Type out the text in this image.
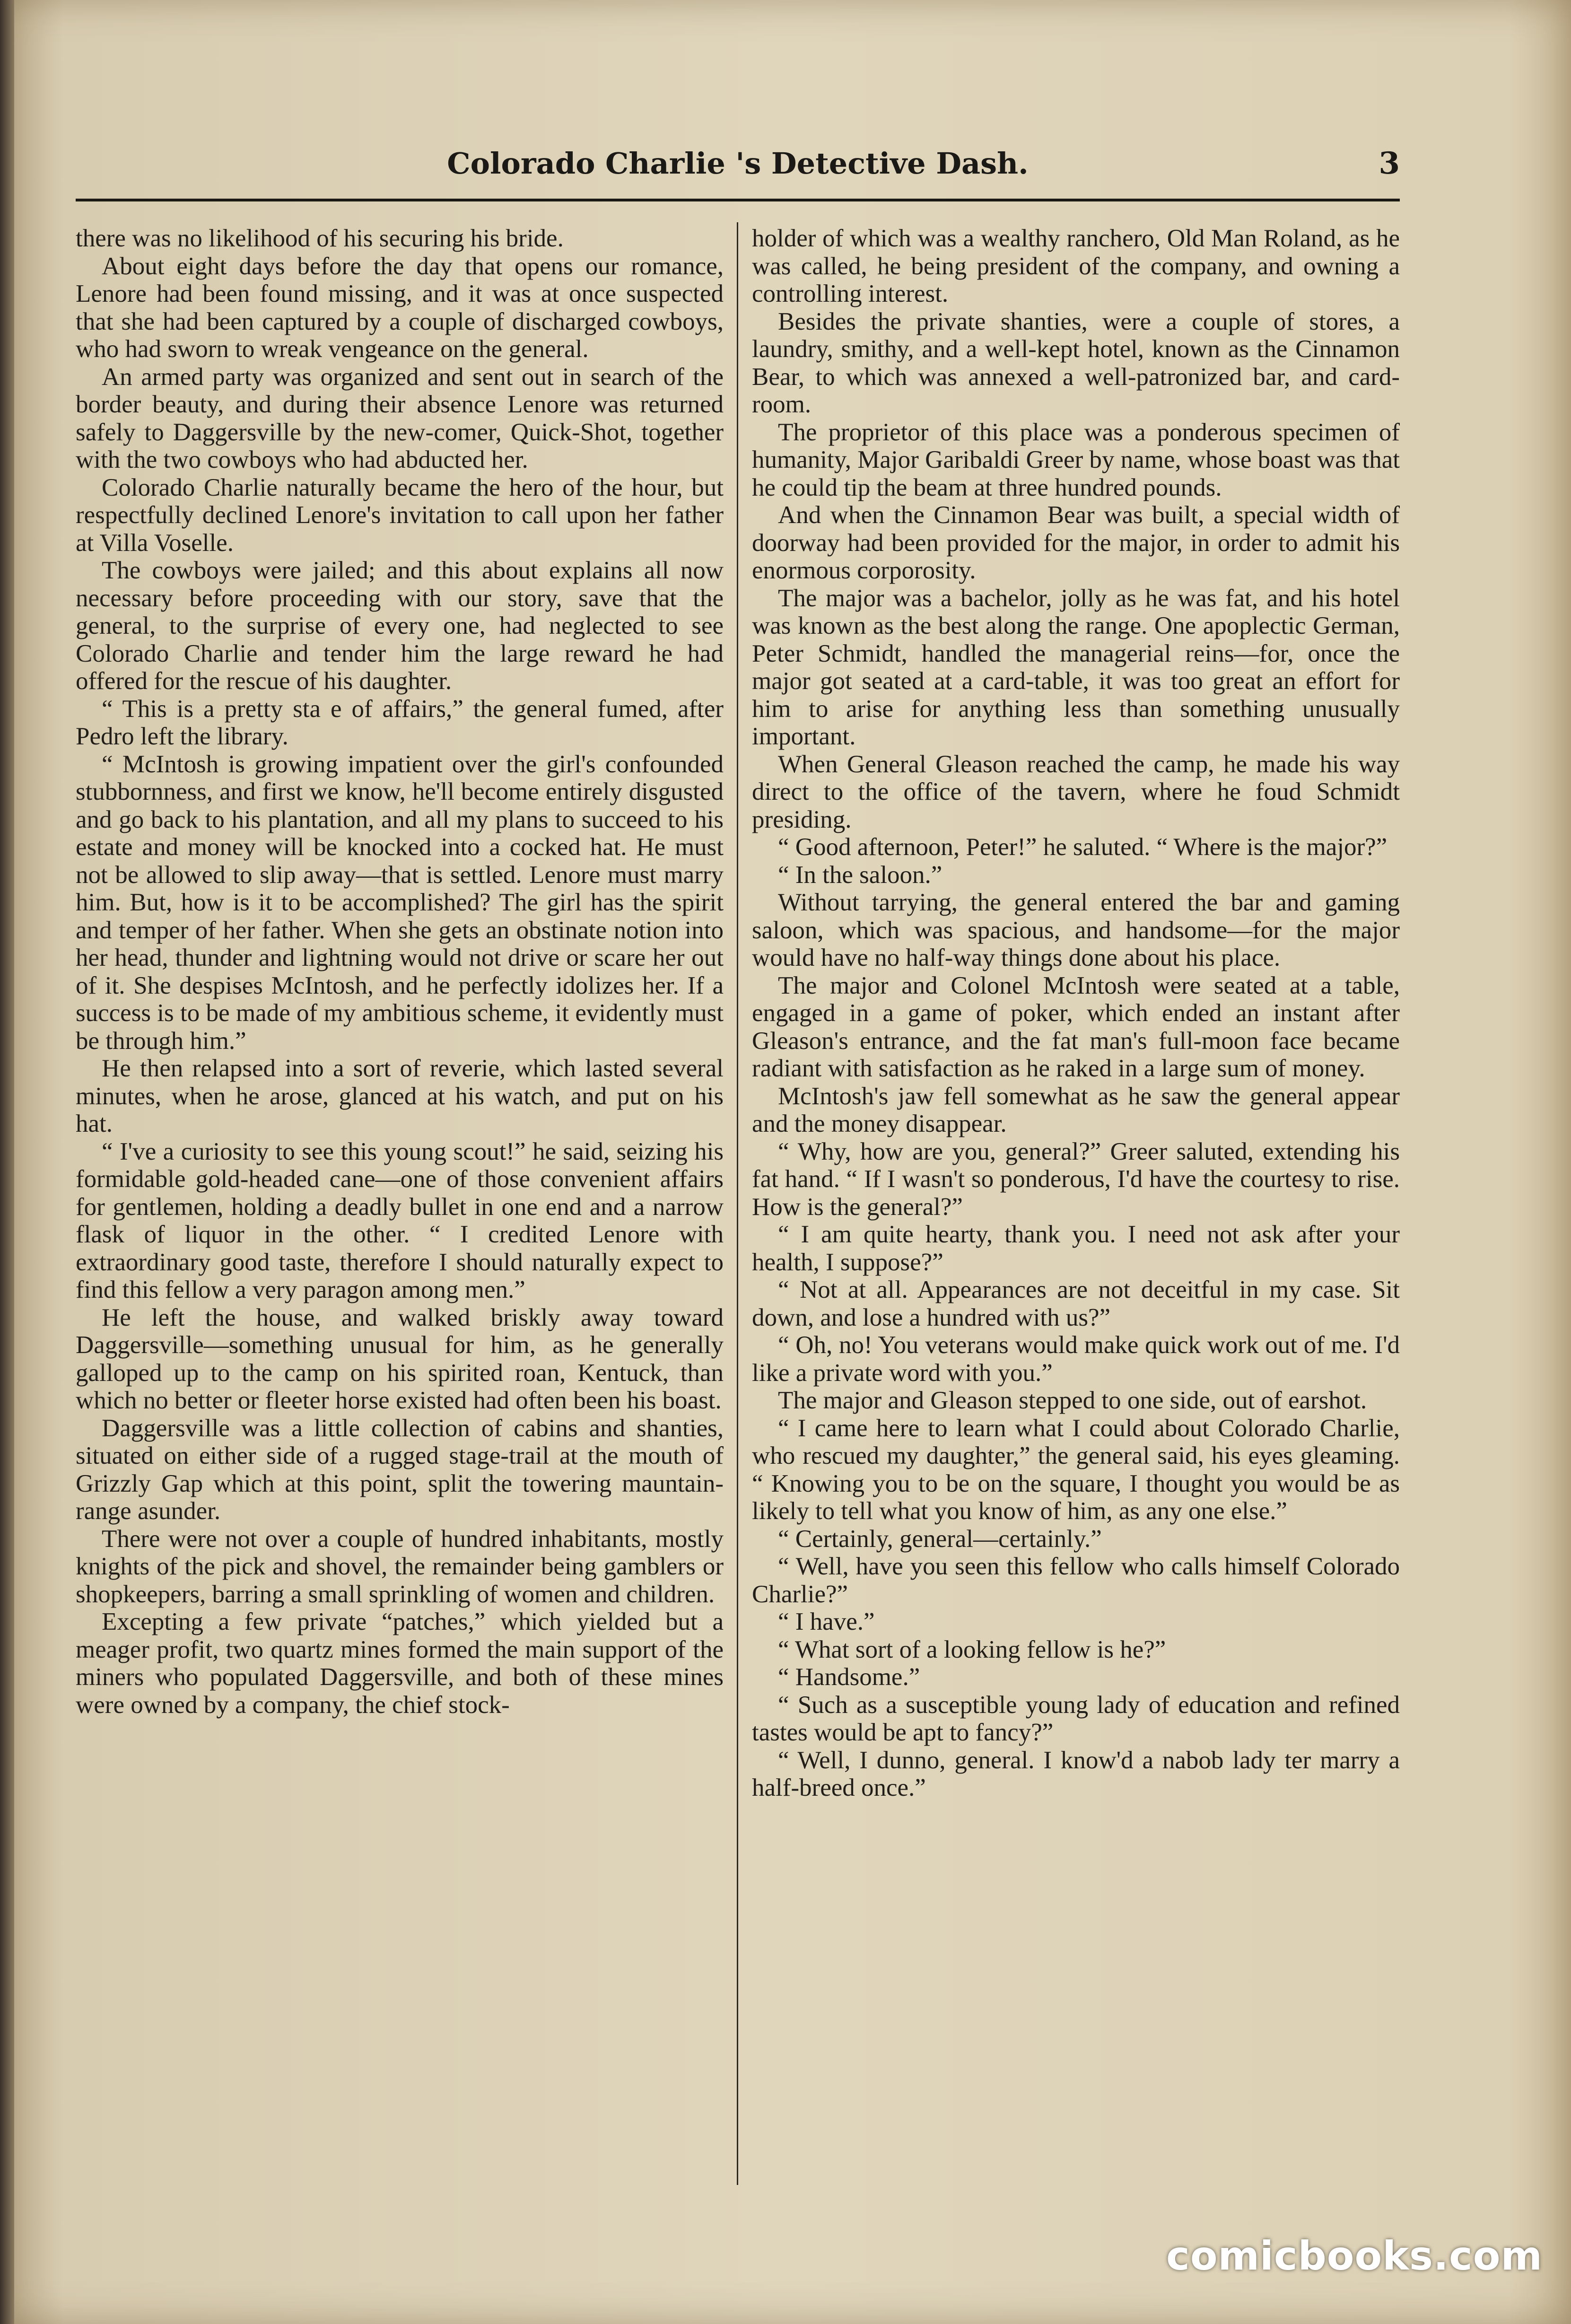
Colorado Charlie 's Detective Dash.	3

there was no likelihood of his securing his bride.

About eight days before the day that opens our romance, Lenore had been found missing, and it was at once suspected that she had been captured by a couple of discharged cowboys, who had sworn to wreak vengeance on the general.

An armed party was organized and sent out in search of the border beauty, and during their absence Lenore was returned safely to Daggersville by the new-comer, Quick-Shot, together with the two cowboys who had abducted her.

Colorado Charlie naturally became the hero of the hour, but respectfully declined Lenore's invitation to call upon her father at Villa Voselle.

The cowboys were jailed; and this about explains all now necessary before proceeding with our story, save that the general, to the surprise of every one, had neglected to see Colorado Charlie and tender him the large reward he had offered for the rescue of his daughter.

“ This is a pretty sta e of affairs,” the general fumed, after Pedro left the library.

“ McIntosh is growing impatient over the girl's confounded stubbornness, and first we know, he'll become entirely disgusted and go back to his plantation, and all my plans to succeed to his estate and money will be knocked into a cocked hat. He must not be allowed to slip away—that is settled. Lenore must marry him. But, how is it to be accomplished? The girl has the spirit and temper of her father. When she gets an obstinate notion into her head, thunder and lightning would not drive or scare her out of it. She despises McIntosh, and he perfectly idolizes her. If a success is to be made of my ambitious scheme, it evidently must be through him.”

He then relapsed into a sort of reverie, which lasted several minutes, when he arose, glanced at his watch, and put on his hat.

“ I've a curiosity to see this young scout!” he said, seizing his formidable gold-headed cane—one of those convenient affairs for gentlemen, holding a deadly bullet in one end and a narrow flask of liquor in the other. “ I credited Lenore with extraordinary good taste, therefore I should naturally expect to find this fellow a very paragon among men.”

He left the house, and walked briskly away toward Daggersville—something unusual for him, as he generally galloped up to the camp on his spirited roan, Kentuck, than which no better or fleeter horse existed had often been his boast.

Daggersville was a little collection of cabins and shanties, situated on either side of a rugged stage-trail at the mouth of Grizzly Gap which at this point, split the towering mauntain-range asunder.

There were not over a couple of hundred inhabitants, mostly knights of the pick and shovel, the remainder being gamblers or shopkeepers, barring a small sprinkling of women and children.

Excepting a few private “patches,” which yielded but a meager profit, two quartz mines formed the main support of the miners who populated Daggersville, and both of these mines were owned by a company, the chief stock-

holder of which was a wealthy ranchero, Old Man Roland, as he was called, he being president of the company, and owning a controlling interest.

Besides the private shanties, were a couple of stores, a laundry, smithy, and a well-kept hotel, known as the Cinnamon Bear, to which was annexed a well-patronized bar, and card-room.

The proprietor of this place was a ponderous specimen of humanity, Major Garibaldi Greer by name, whose boast was that he could tip the beam at three hundred pounds.

And when the Cinnamon Bear was built, a special width of doorway had been provided for the major, in order to admit his enormous corporosity.

The major was a bachelor, jolly as he was fat, and his hotel was known as the best along the range. One apoplectic German, Peter Schmidt, handled the managerial reins—for, once the major got seated at a card-table, it was too great an effort for him to arise for anything less than something unusually important.

When General Gleason reached the camp, he made his way direct to the office of the tavern, where he foud Schmidt presiding.

“ Good afternoon, Peter!” he saluted. “ Where is the major?”

“ In the saloon.”

Without tarrying, the general entered the bar and gaming saloon, which was spacious, and handsome—for the major would have no half-way things done about his place.

The major and Colonel McIntosh were seated at a table, engaged in a game of poker, which ended an instant after Gleason's entrance, and the fat man's full-moon face became radiant with satisfaction as he raked in a large sum of money.

McIntosh's jaw fell somewhat as he saw the general appear and the money disappear.

“ Why, how are you, general?” Greer saluted, extending his fat hand. “ If I wasn't so ponderous, I'd have the courtesy to rise. How is the general?”

“ I am quite hearty, thank you. I need not ask after your health, I suppose?”

“ Not at all. Appearances are not deceitful in my case. Sit down, and lose a hundred with us?”

“ Oh, no! You veterans would make quick work out of me. I'd like a private word with you.”

The major and Gleason stepped to one side, out of earshot.

“ I came here to learn what I could about Colorado Charlie, who rescued my daughter,” the general said, his eyes gleaming. “ Knowing you to be on the square, I thought you would be as likely to tell what you know of him, as any one else.”

“ Certainly, general—certainly.”

“ Well, have you seen this fellow who calls himself Colorado Charlie?”

“ I have.”

“ What sort of a looking fellow is he?”

“ Handsome.”

“ Such as a susceptible young lady of education and refined tastes would be apt to fancy?”

“ Well, I dunno, general. I know'd a nabob lady ter marry a half-breed once.”

comicbooks.com
